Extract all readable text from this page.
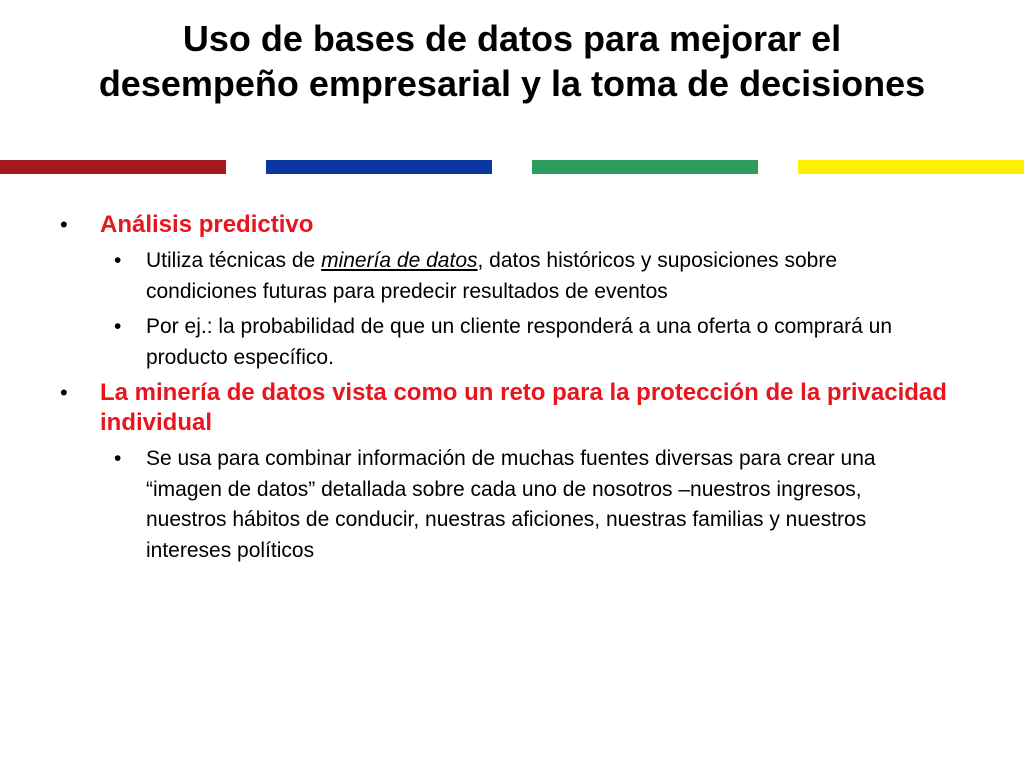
Uso de bases de datos para mejorar el
desempeño empresarial y la toma de decisiones
• Análisis predictivo
• Utiliza técnicas de minería de datos, datos históricos y suposiciones sobre condiciones futuras para predecir resultados de eventos
• Por ej.: la probabilidad de que un cliente responderá a una oferta o comprará un producto específico.
• La minería de datos vista como un reto para la protección de la privacidad individual
• Se usa para combinar información de muchas fuentes diversas para crear una “imagen de datos” detallada sobre cada uno de nosotros –nuestros ingresos, nuestros hábitos de conducir, nuestras aficiones, nuestras familias y nuestros intereses políticos
